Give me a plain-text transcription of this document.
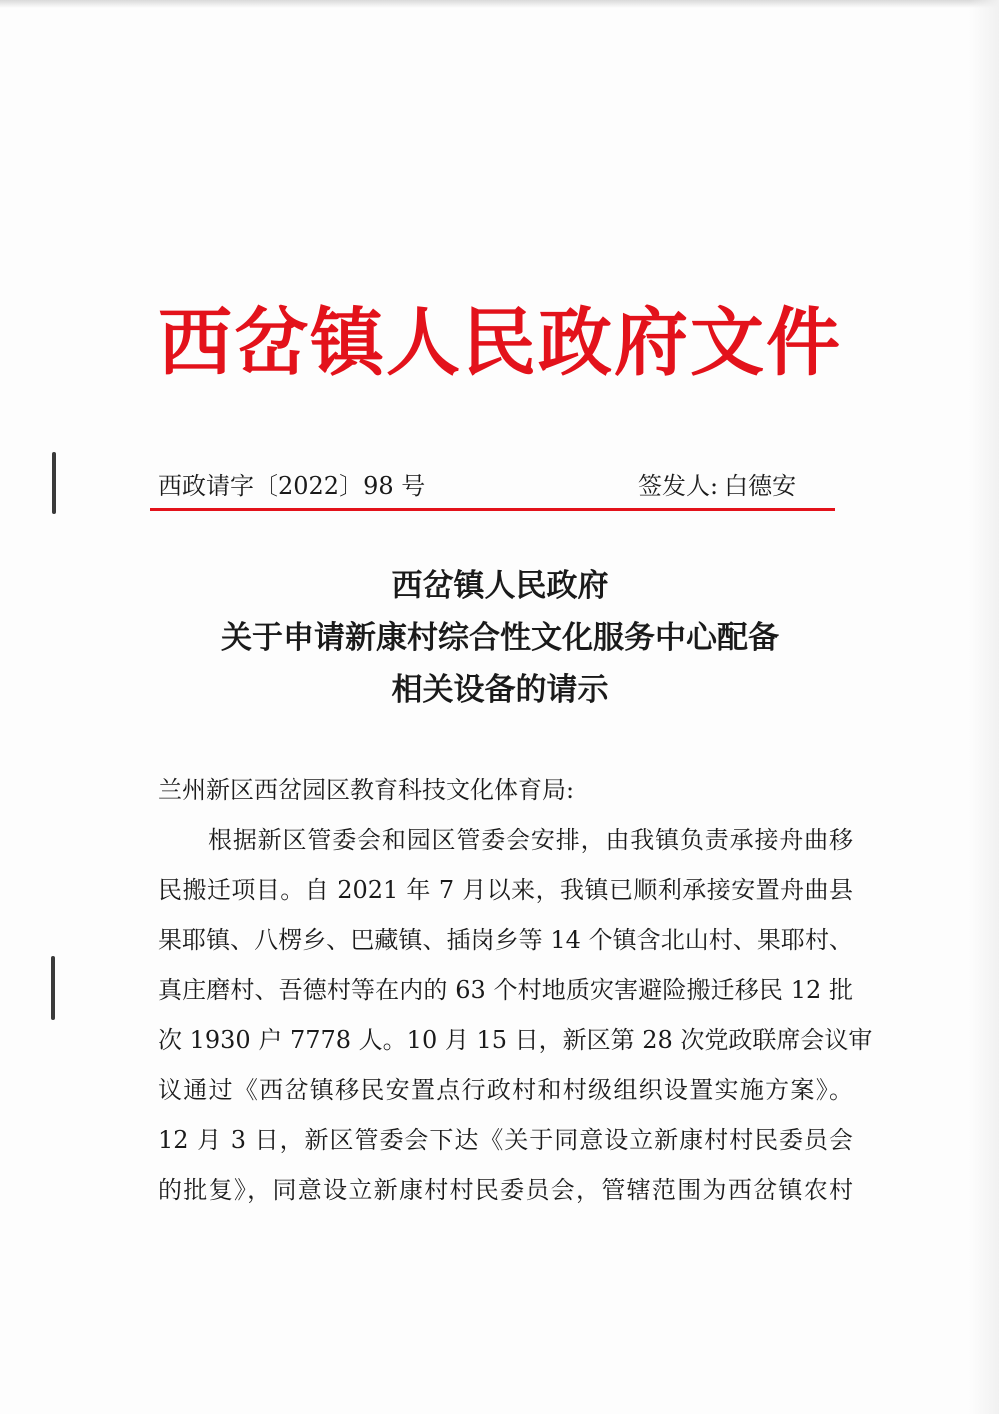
西岔镇人民政府文件
西政请字〔2022〕98 号	签发人: 白德安
西岔镇人民政府
关于申请新康村综合性文化服务中心配备
相关设备的请示
兰州新区西岔园区教育科技文化体育局:
根据新区管委会和园区管委会安排，由我镇负责承接舟曲移
民搬迁项目。自 2021 年 7 月以来，我镇已顺利承接安置舟曲县
果耶镇、八楞乡、巴藏镇、插岗乡等 14 个镇含北山村、果耶村、
真庄磨村、吾德村等在内的 63 个村地质灾害避险搬迁移民 12 批
次 1930 户 7778 人。10 月 15 日，新区第 28 次党政联席会议审
议通过《西岔镇移民安置点行政村和村级组织设置实施方案》。
12 月 3 日，新区管委会下达《关于同意设立新康村村民委员会
的批复》，同意设立新康村村民委员会，管辖范围为西岔镇农村
